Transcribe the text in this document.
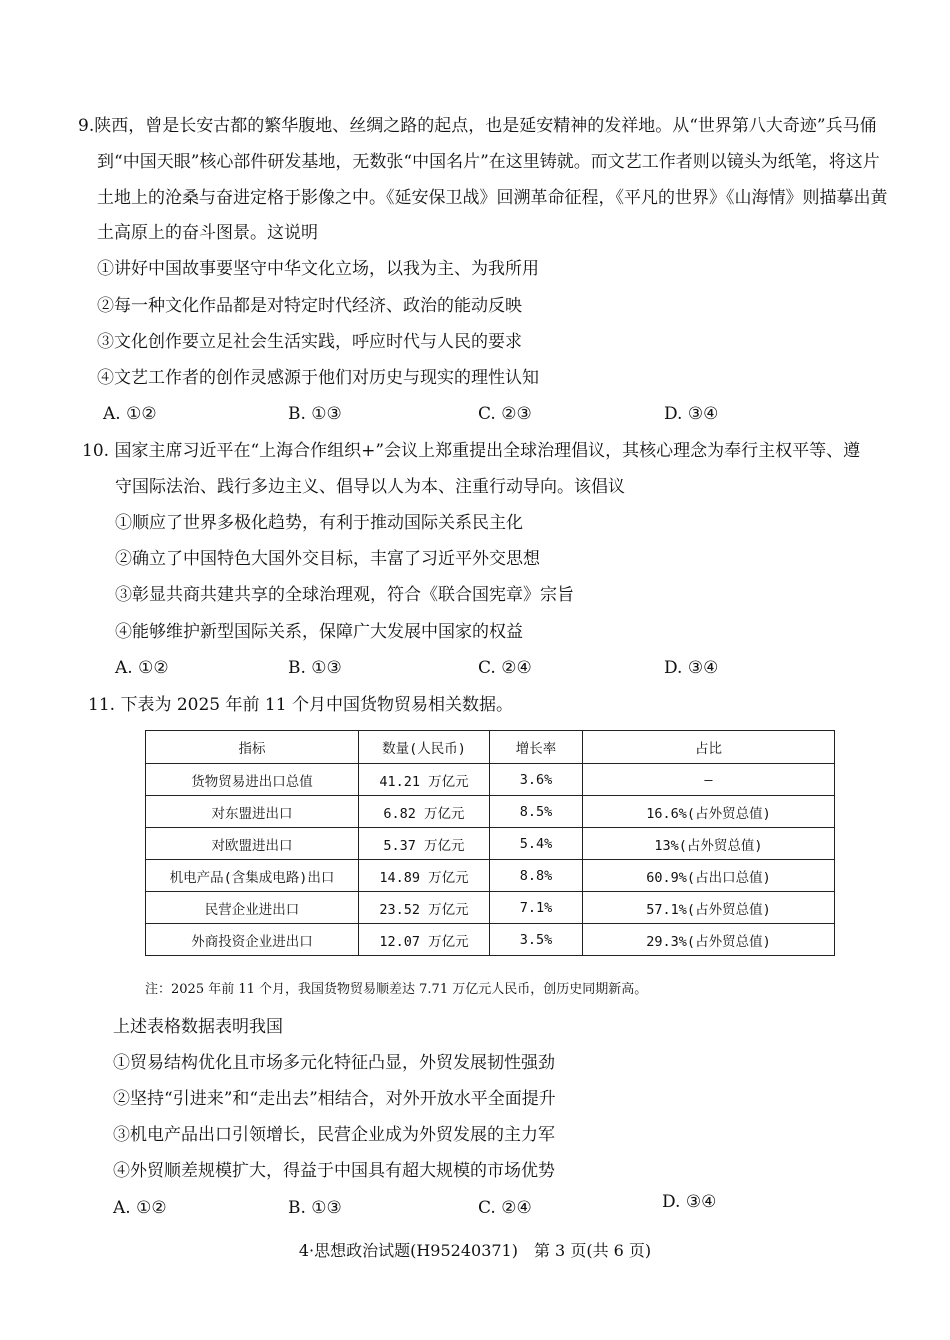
9.陕西，曾是长安古都的繁华腹地、丝绸之路的起点，也是延安精神的发祥地。从“世界第八大奇迹”兵马俑
到“中国天眼”核心部件研发基地，无数张“中国名片”在这里铸就。而文艺工作者则以镜头为纸笔，将这片
土地上的沧桑与奋进定格于影像之中。《延安保卫战》回溯革命征程，《平凡的世界》《山海情》则描摹出黄
土高原上的奋斗图景。这说明
①讲好中国故事要坚守中华文化立场，以我为主、为我所用
②每一种文化作品都是对特定时代经济、政治的能动反映
③文化创作要立足社会生活实践，呼应时代与人民的要求
④文艺工作者的创作灵感源于他们对历史与现实的理性认知
A. ①②	B. ①③	C. ②③	D. ③④
10. 国家主席习近平在“上海合作组织+”会议上郑重提出全球治理倡议，其核心理念为奉行主权平等、遵
守国际法治、践行多边主义、倡导以人为本、注重行动导向。该倡议
①顺应了世界多极化趋势，有利于推动国际关系民主化
②确立了中国特色大国外交目标，丰富了习近平外交思想
③彰显共商共建共享的全球治理观，符合《联合国宪章》宗旨
④能够维护新型国际关系，保障广大发展中国家的权益
A. ①②	B. ①③	C. ②④	D. ③④
11. 下表为 2025 年前 11 个月中国货物贸易相关数据。
指标	数量(人民币)	增长率	占比
货物贸易进出口总值	41.21 万亿元	3.6%	—
对东盟进出口	6.82 万亿元	8.5%	16.6%(占外贸总值)
对欧盟进出口	5.37 万亿元	5.4%	13%(占外贸总值)
机电产品(含集成电路)出口	14.89 万亿元	8.8%	60.9%(占出口总值)
民营企业进出口	23.52 万亿元	7.1%	57.1%(占外贸总值)
外商投资企业进出口	12.07 万亿元	3.5%	29.3%(占外贸总值)
注：2025 年前 11 个月，我国货物贸易顺差达 7.71 万亿元人民币，创历史同期新高。
上述表格数据表明我国
①贸易结构优化且市场多元化特征凸显，外贸发展韧性强劲
②坚持“引进来”和“走出去”相结合，对外开放水平全面提升
③机电产品出口引领增长，民营企业成为外贸发展的主力军
④外贸顺差规模扩大，得益于中国具有超大规模的市场优势
A. ①②	B. ①③	C. ②④	D. ③④
4·思想政治试题(H95240371)　第 3 页(共 6 页)
